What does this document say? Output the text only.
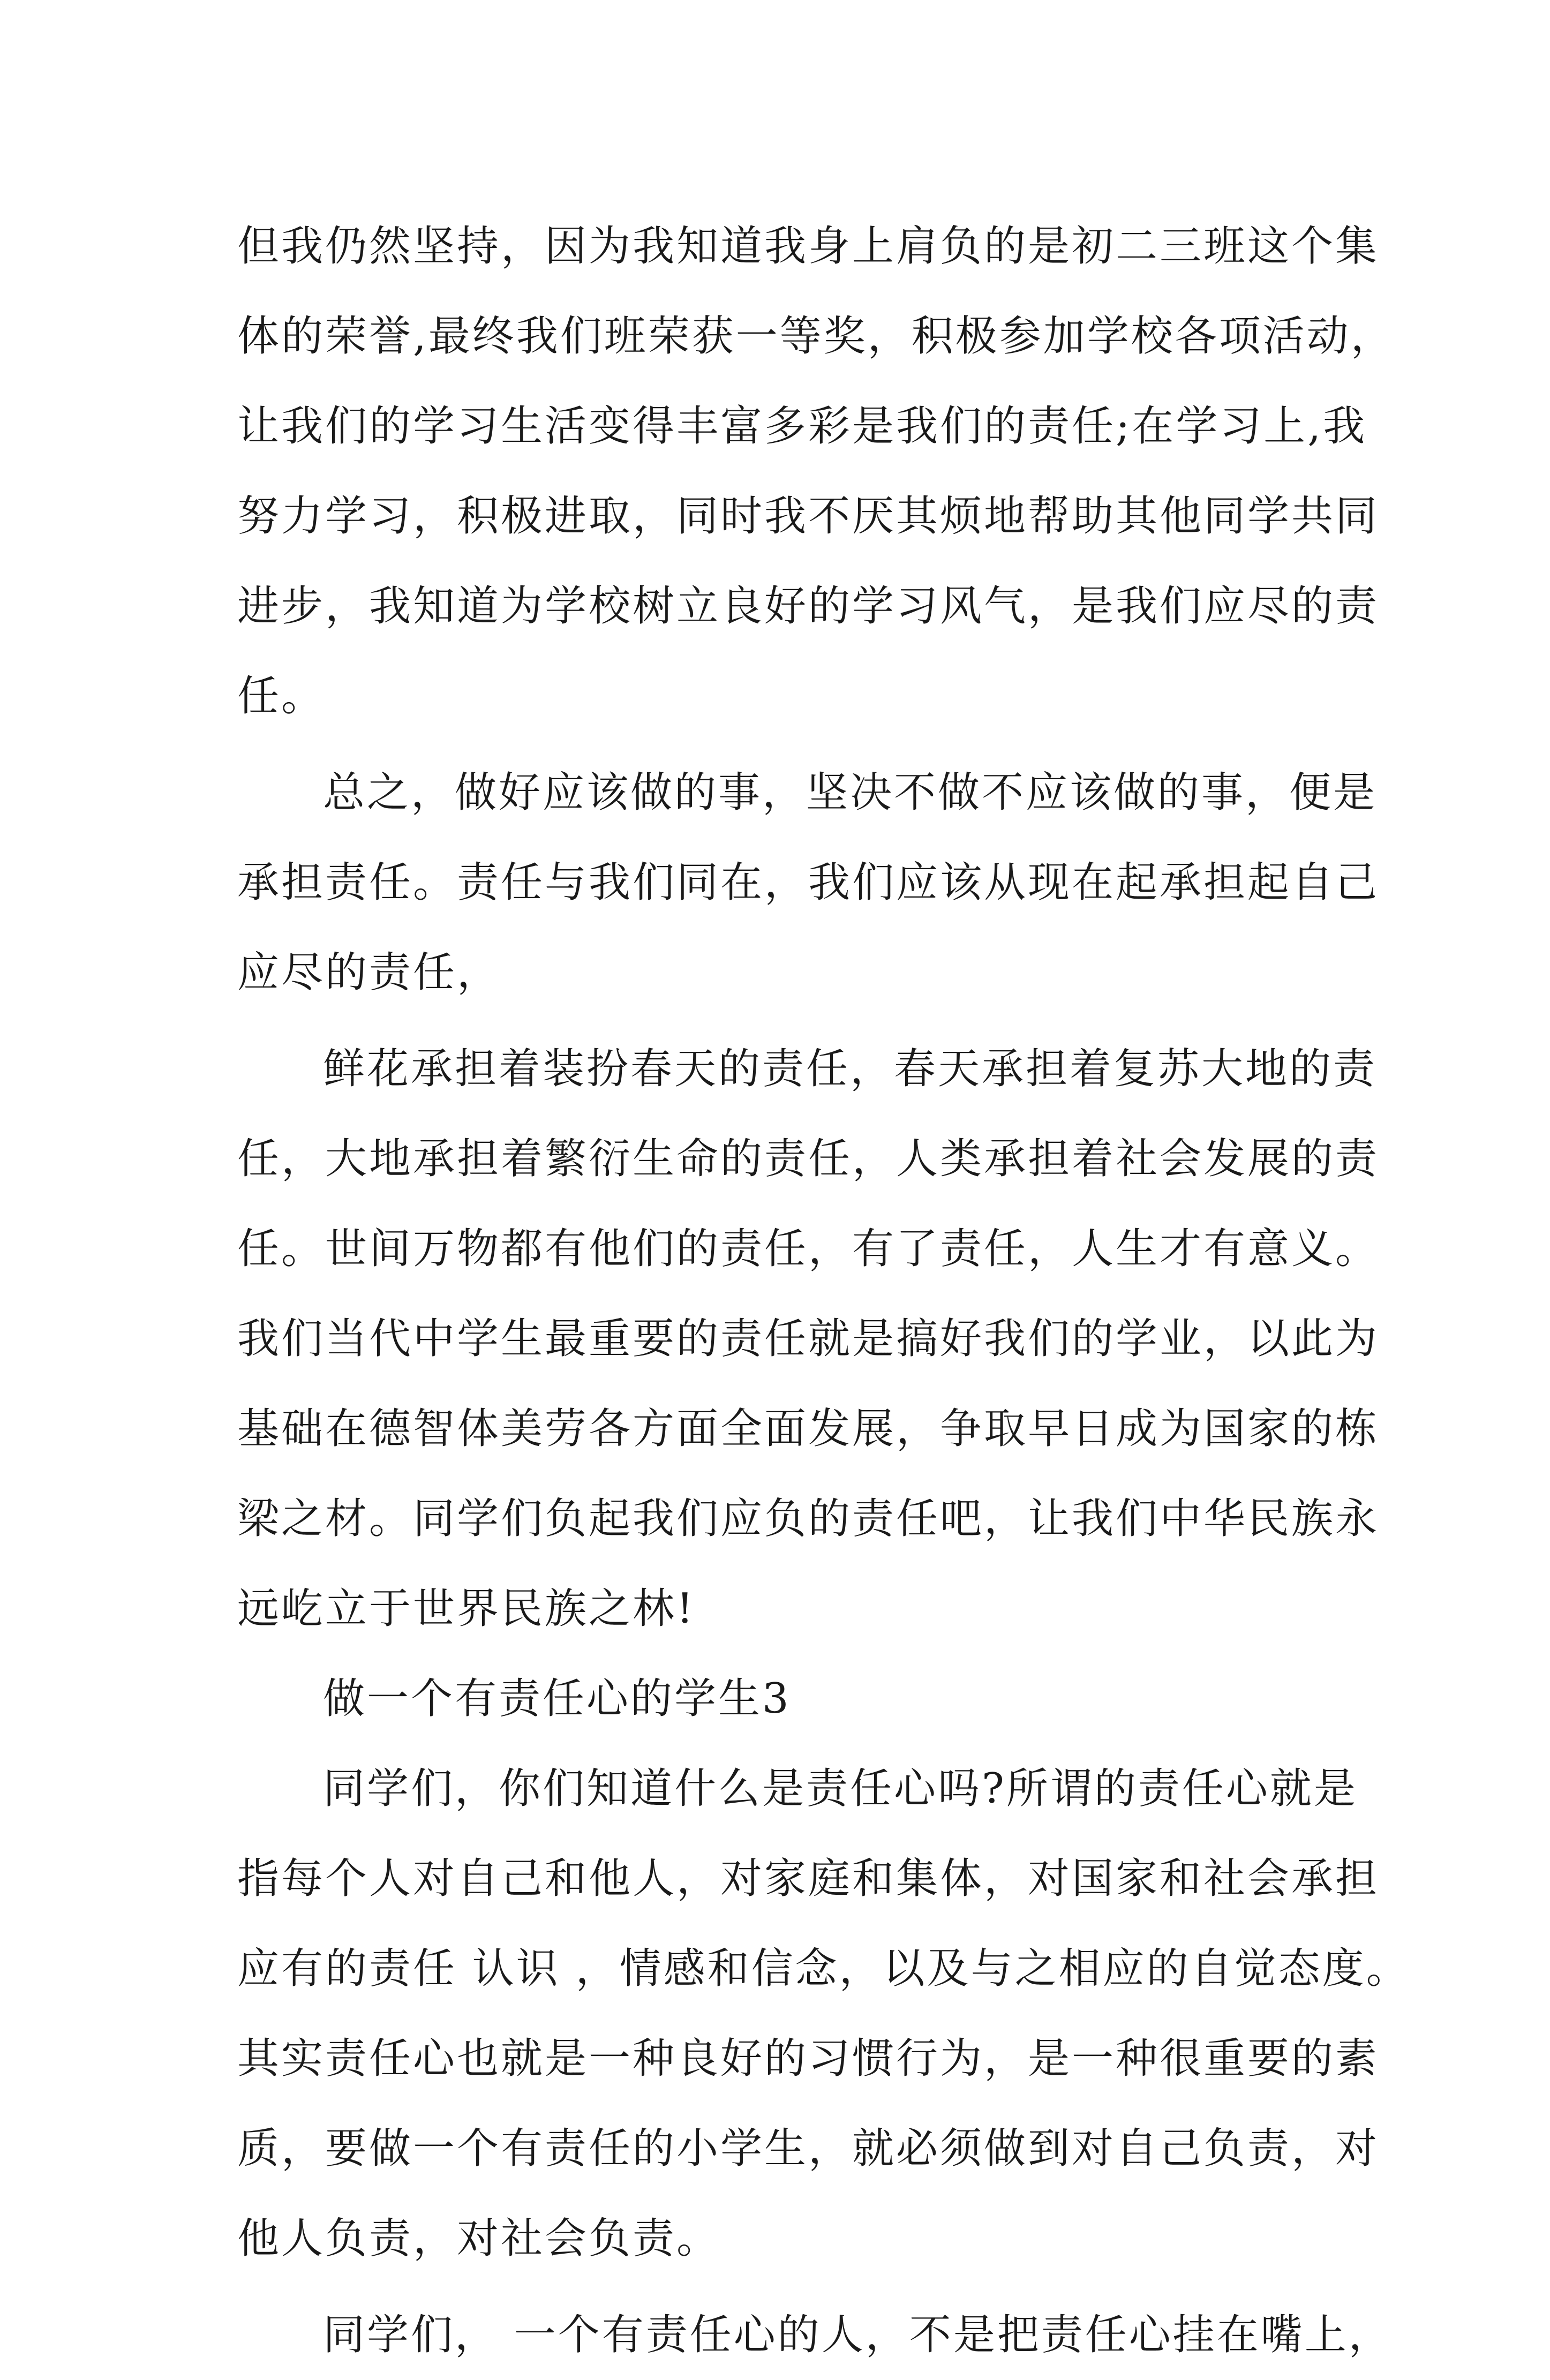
但我仍然坚持，因为我知道我身上肩负的是初二三班这个集
体的荣誉,最终我们班荣获一等奖，积极参加学校各项活动，
让我们的学习生活变得丰富多彩是我们的责任;在学习上,我
努力学习，积极进取，同时我不厌其烦地帮助其他同学共同
进步，我知道为学校树立良好的学习风气，是我们应尽的责
任。
总之，做好应该做的事，坚决不做不应该做的事，便是
承担责任。责任与我们同在，我们应该从现在起承担起自己
应尽的责任，
鲜花承担着装扮春天的责任，春天承担着复苏大地的责
任，大地承担着繁衍生命的责任，人类承担着社会发展的责
任。世间万物都有他们的责任，有了责任，人生才有意义。
我们当代中学生最重要的责任就是搞好我们的学业，以此为
基础在德智体美劳各方面全面发展，争取早日成为国家的栋
梁之材。同学们负起我们应负的责任吧，让我们中华民族永
远屹立于世界民族之林!
做一个有责任心的学生3
同学们，你们知道什么是责任心吗?所谓的责任心就是
指每个人对自己和他人，对家庭和集体，对国家和社会承担
应有的责任 认识 ，情感和信念，以及与之相应的自觉态度。
其实责任心也就是一种良好的习惯行为，是一种很重要的素
质，要做一个有责任的小学生，就必须做到对自己负责，对
他人负责，对社会负责。
同学们， 一个有责任心的人，不是把责任心挂在嘴上，
